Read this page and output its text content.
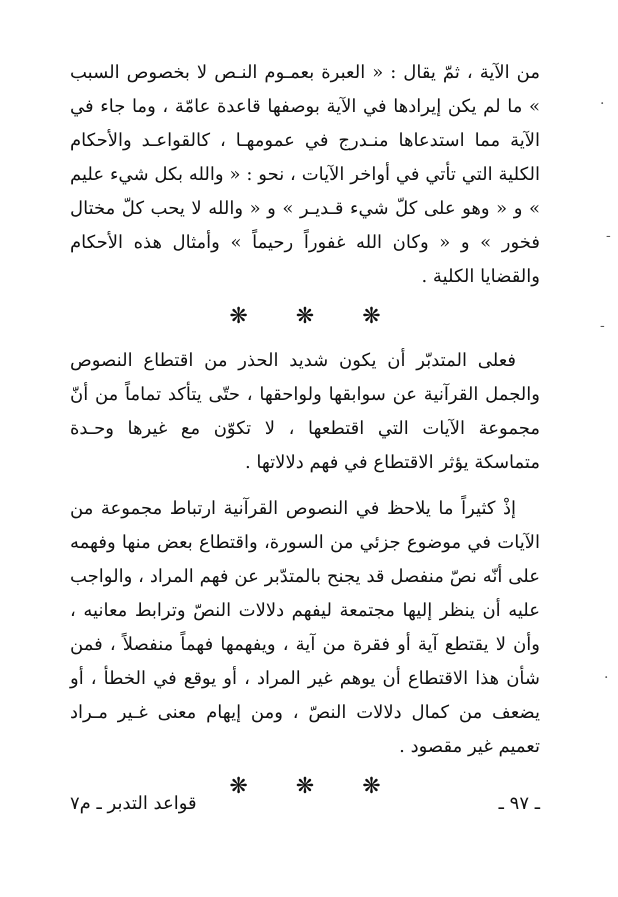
من الآية ، ثمّ يقال : « العبرة بعمـوم النـص لا بخصوص السبب » ما لم يكن إيرادها في الآية بوصفها قاعدة عامّة ، وما جاء في الآية مما استدعاها منـدرج في عمومهـا ، كالقواعـد والأحكام الكلية التي تأتي في أواخر الآيات ، نحو : « والله بكل شيء عليم » و « وهو على كلّ شيء قـديـر » و « والله لا يحب كلّ مختال فخور » و « وكان الله غفوراً رحيماً » وأمثال هذه الأحكام والقضايا الكلية .

❋ ❋ ❋

فعلى المتدبّر أن يكون شديد الحذر من اقتطاع النصوص والجمل القرآنية عن سوابقها ولواحقها ، حتّى يتأكد تماماً من أنّ مجموعة الآيات التي اقتطعها ، لا تكوّن مع غيرها وحـدة متماسكة يؤثر الاقتطاع في فهم دلالاتها .

إذْ كثيراً ما يلاحظ في النصوص القرآنية ارتباط مجموعة من الآيات في موضوع جزئي من السورة، واقتطاع بعض منها وفهمه على أنّه نصّ منفصل قد يجنح بالمتدّبر عن فهم المراد ، والواجب عليه أن ينظر إليها مجتمعة ليفهم دلالات النصّ وترابط معانيه ، وأن لا يقتطع آية أو فقرة من آية ، ويفهمها فهماً منفصلاً ، فمن شأن هذا الاقتطاع أن يوهم غير المراد ، أو يوقع في الخطأ ، أو يضعف من كمال دلالات النصّ ، ومن إيهام معنى غـير مـراد تعميم غير مقصود .

❋ ❋ ❋
ـ ٩٧ ـ
قواعد التدبر ـ م٧
·
-
-
·
